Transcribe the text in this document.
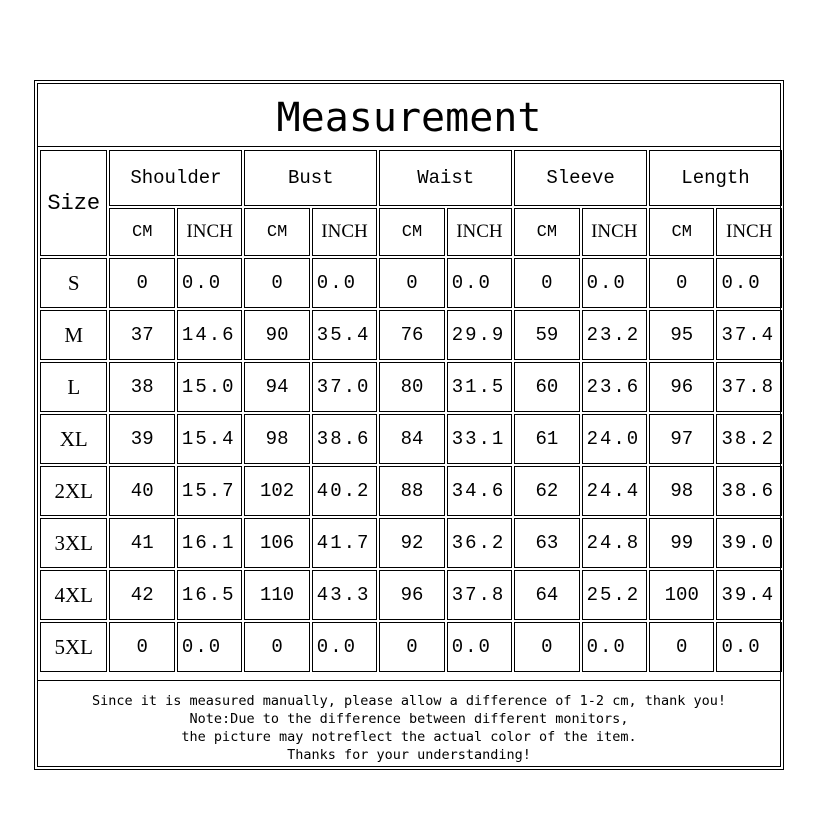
Measurement
Size	Shoulder		Bust		Waist		Sleeve		Length	
	CM	INCH	CM	INCH	CM	INCH	CM	INCH	CM	INCH
S	0	0.0	0	0.0	0	0.0	0	0.0	0	0.0
M	37	14.6	90	35.4	76	29.9	59	23.2	95	37.4
L	38	15.0	94	37.0	80	31.5	60	23.6	96	37.8
XL	39	15.4	98	38.6	84	33.1	61	24.0	97	38.2
2XL	40	15.7	102	40.2	88	34.6	62	24.4	98	38.6
3XL	41	16.1	106	41.7	92	36.2	63	24.8	99	39.0
4XL	42	16.5	110	43.3	96	37.8	64	25.2	100	39.4
5XL	0	0.0	0	0.0	0	0.0	0	0.0	0	0.0
Since it is measured manually, please allow a difference of 1-2 cm, thank you!
Note:Due to the difference between different monitors,
the picture may notreflect the actual color of the item.
Thanks for your understanding!
